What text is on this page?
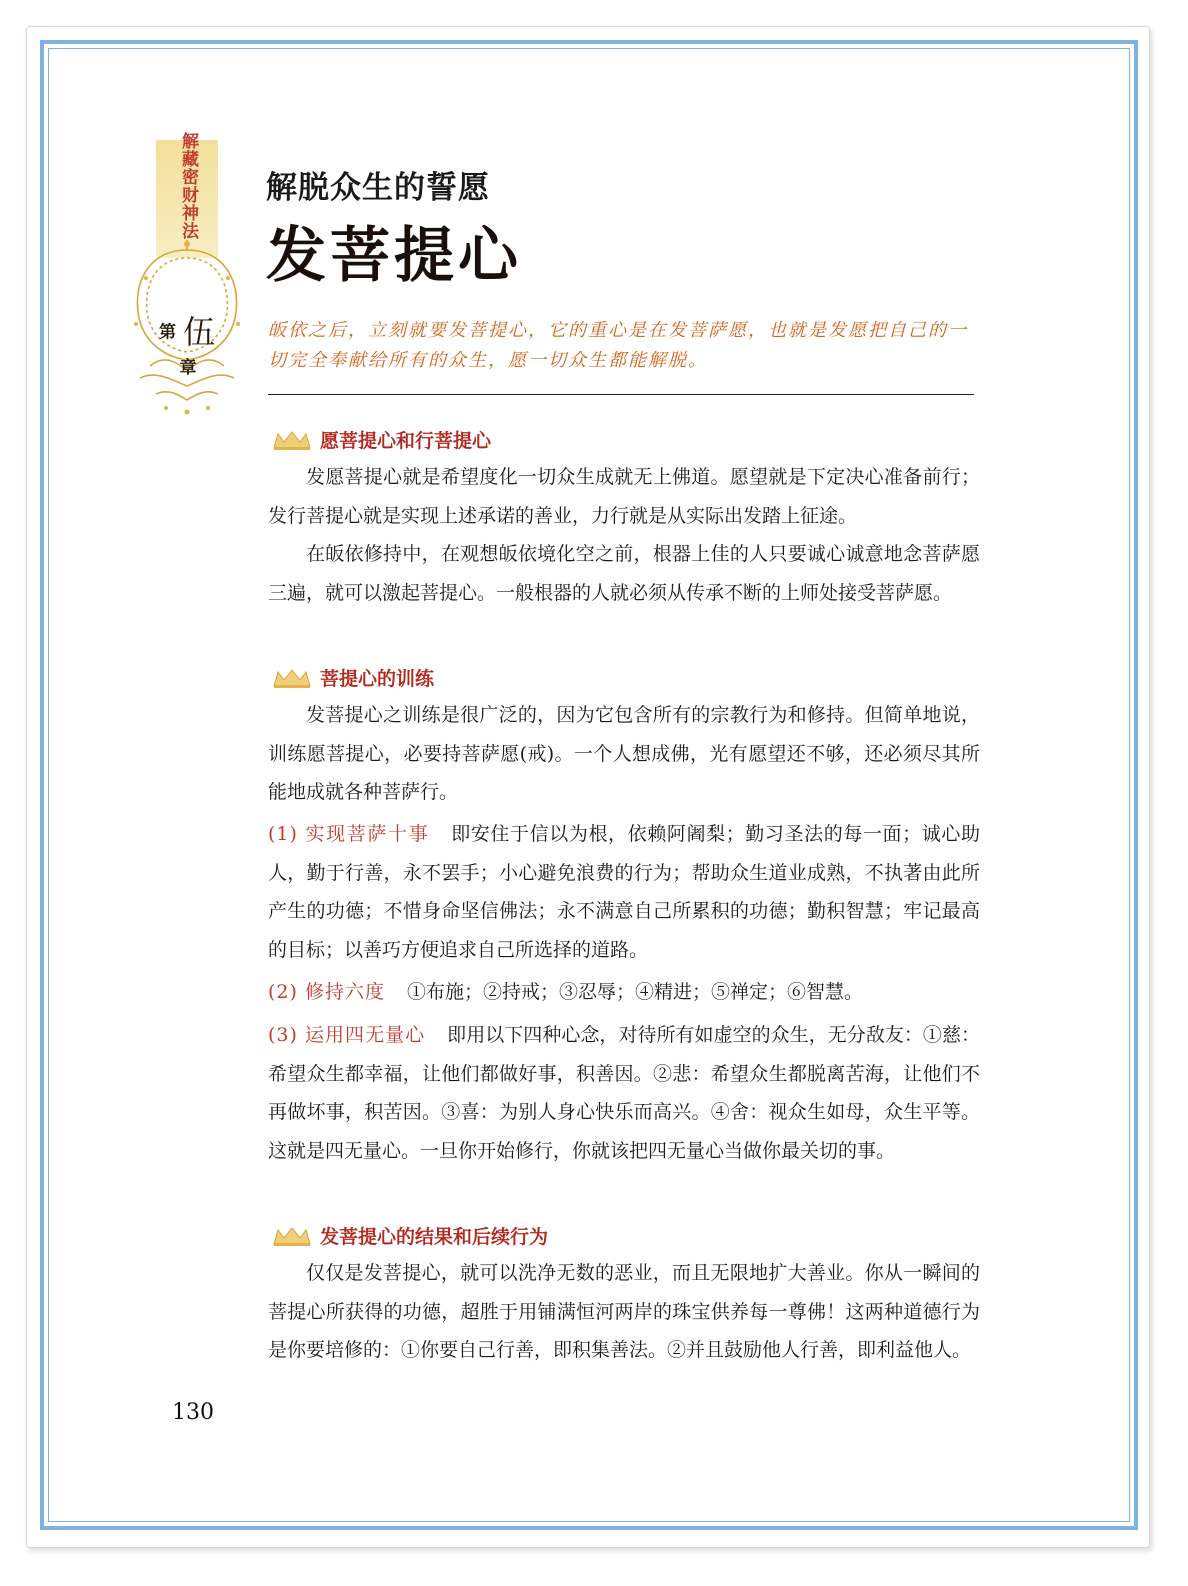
解藏密财神法
第 伍 章
解脱众生的誓愿
发菩提心
皈依之后，立刻就要发菩提心，它的重心是在发菩萨愿，也就是发愿把自己的一切完全奉献给所有的众生，愿一切众生都能解脱。
愿菩提心和行菩提心
发愿菩提心就是希望度化一切众生成就无上佛道。愿望就是下定决心准备前行；发行菩提心就是实现上述承诺的善业，力行就是从实际出发踏上征途。
在皈依修持中，在观想皈依境化空之前，根器上佳的人只要诚心诚意地念菩萨愿三遍，就可以激起菩提心。一般根器的人就必须从传承不断的上师处接受菩萨愿。
菩提心的训练
发菩提心之训练是很广泛的，因为它包含所有的宗教行为和修持。但简单地说，训练愿菩提心，必要持菩萨愿(戒)。一个人想成佛，光有愿望还不够，还必须尽其所能地成就各种菩萨行。
(1) 实现菩萨十事 即安住于信以为根，依赖阿阇梨；勤习圣法的每一面；诚心助人，勤于行善，永不罢手；小心避免浪费的行为；帮助众生道业成熟，不执著由此所产生的功德；不惜身命坚信佛法；永不满意自己所累积的功德；勤积智慧；牢记最高的目标；以善巧方便追求自己所选择的道路。
(2) 修持六度 ①布施；②持戒；③忍辱；④精进；⑤禅定；⑥智慧。
(3) 运用四无量心 即用以下四种心念，对待所有如虚空的众生，无分敌友：①慈：希望众生都幸福，让他们都做好事，积善因。②悲：希望众生都脱离苦海，让他们不再做坏事，积苦因。③喜：为别人身心快乐而高兴。④舍：视众生如母，众生平等。这就是四无量心。一旦你开始修行，你就该把四无量心当做你最关切的事。
发菩提心的结果和后续行为
仅仅是发菩提心，就可以洗净无数的恶业，而且无限地扩大善业。你从一瞬间的菩提心所获得的功德，超胜于用铺满恒河两岸的珠宝供养每一尊佛！这两种道德行为是你要培修的：①你要自己行善，即积集善法。②并且鼓励他人行善，即利益他人。
130
